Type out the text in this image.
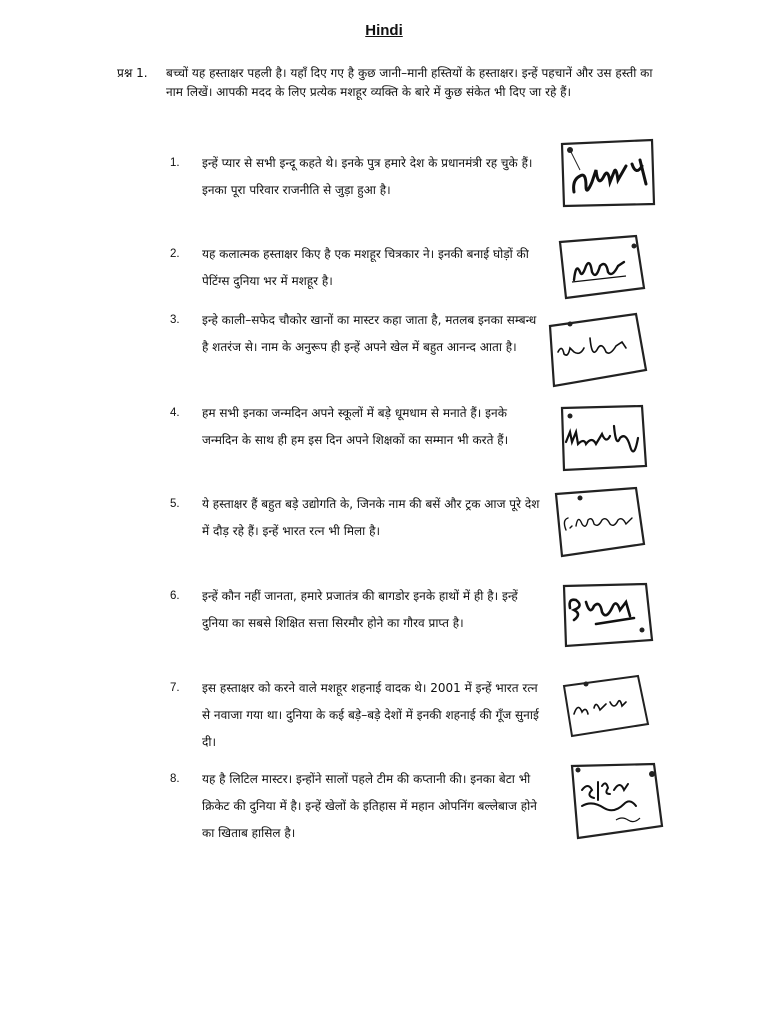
Hindi
प्रश्न 1. बच्चों यह हस्ताक्षर पहली है। यहाँ दिए गए है कुछ जानी–मानी हस्तियों के हस्ताक्षर। इन्हें पहचानें और उस हस्ती का नाम लिखें। आपकी मदद के लिए प्रत्येक मशहूर व्यक्ति के बारे में कुछ संकेत भी दिए जा रहे हैं।
1. इन्हें प्यार से सभी इन्दू कहते थे। इनके पुत्र हमारे देश के प्रधानमंत्री रह चुके हैं। इनका पूरा परिवार राजनीति से जुड़ा हुआ है।
2. यह कलात्मक हस्ताक्षर किए है एक मशहूर चित्रकार ने। इनकी बनाई घोड़ों की पेटिंग्स दुनिया भर में मशहूर है।
3. इन्हे काली–सफेद चौकोर खानों का मास्टर कहा जाता है, मतलब इनका सम्बन्ध है शतरंज से। नाम के अनुरूप ही इन्हें अपने खेल में बहुत आनन्द आता है।
4. हम सभी इनका जन्मदिन अपने स्कूलों में बड़े धूमधाम से मनाते हैं। इनके जन्मदिन के साथ ही हम इस दिन अपने शिक्षकों का सम्मान भी करते हैं।
5. ये हस्ताक्षर हैं बहुत बड़े उद्योगति के, जिनके नाम की बसें और ट्रक आज पूरे देश में दौड़ रहे हैं। इन्हें भारत रत्न भी मिला है।
6. इन्हें कौन नहीं जानता, हमारे प्रजातंत्र की बागडोर इनके हाथों में ही है। इन्हें दुनिया का सबसे शिक्षित सत्ता सिरमौर होने का गौरव प्राप्त है।
7. इस हस्ताक्षर को करने वाले मशहूर शहनाई वादक थे। 2001 में इन्हें भारत रत्न से नवाजा गया था। दुनिया के कई बड़े–बड़े देशों में इनकी शहनाई की गूँज सुनाई दी।
8. यह है लिटिल मास्टर। इन्होंने सालों पहले टीम की कप्तानी की। इनका बेटा भी क्रिकेट की दुनिया में है। इन्हें खेलों के इतिहास में महान ओपनिंग बल्लेबाज होने का खिताब हासिल है।
